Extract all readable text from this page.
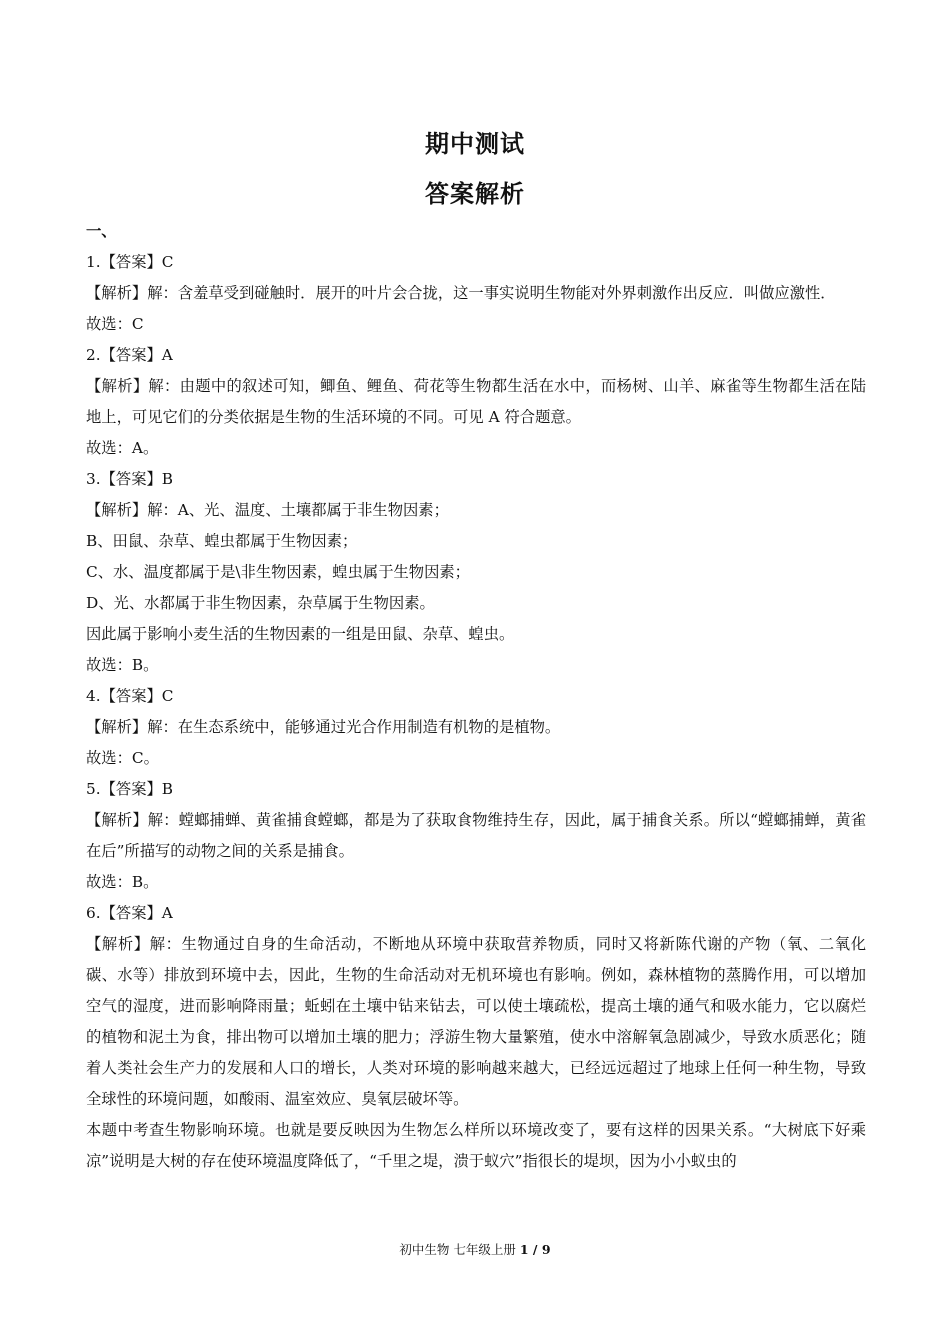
期中测试
答案解析

一、

1.【答案】C

【解析】解：含羞草受到碰触时．展开的叶片会合拢，这一事实说明生物能对外界刺激作出反应．叫做应激性．

故选：C

2.【答案】A

【解析】解：由题中的叙述可知，鲫鱼、鲤鱼、荷花等生物都生活在水中，而杨树、山羊、麻雀等生物都生活在陆地上，可见它们的分类依据是生物的生活环境的不同。可见 A 符合题意。

故选：A。

3.【答案】B

【解析】解：A、光、温度、土壤都属于非生物因素；

B、田鼠、杂草、蝗虫都属于生物因素；

C、水、温度都属于是\非生物因素，蝗虫属于生物因素；

D、光、水都属于非生物因素，杂草属于生物因素。

因此属于影响小麦生活的生物因素的一组是田鼠、杂草、蝗虫。

故选：B。

4.【答案】C

【解析】解：在生态系统中，能够通过光合作用制造有机物的是植物。

故选：C。

5.【答案】B

【解析】解：螳螂捕蝉、黄雀捕食螳螂，都是为了获取食物维持生存，因此，属于捕食关系。所以“螳螂捕蝉，黄雀在后”所描写的动物之间的关系是捕食。

故选：B。

6.【答案】A

【解析】解：生物通过自身的生命活动，不断地从环境中获取营养物质，同时又将新陈代谢的产物（氧、二氧化碳、水等）排放到环境中去，因此，生物的生命活动对无机环境也有影响。例如，森林植物的蒸腾作用，可以增加空气的湿度，进而影响降雨量；蚯蚓在土壤中钻来钻去，可以使土壤疏松，提高土壤的通气和吸水能力，它以腐烂的植物和泥土为食，排出物可以增加土壤的肥力；浮游生物大量繁殖，使水中溶解氧急剧减少，导致水质恶化；随着人类社会生产力的发展和人口的增长，人类对环境的影响越来越大，已经远远超过了地球上任何一种生物，导致全球性的环境问题，如酸雨、温室效应、臭氧层破坏等。

本题中考查生物影响环境。也就是要反映因为生物怎么样所以环境改变了，要有这样的因果关系。“大树底下好乘凉”说明是大树的存在使环境温度降低了，“千里之堤，溃于蚁穴”指很长的堤坝，因为小小蚁虫的

初中生物 七年级上册 1 / 9
